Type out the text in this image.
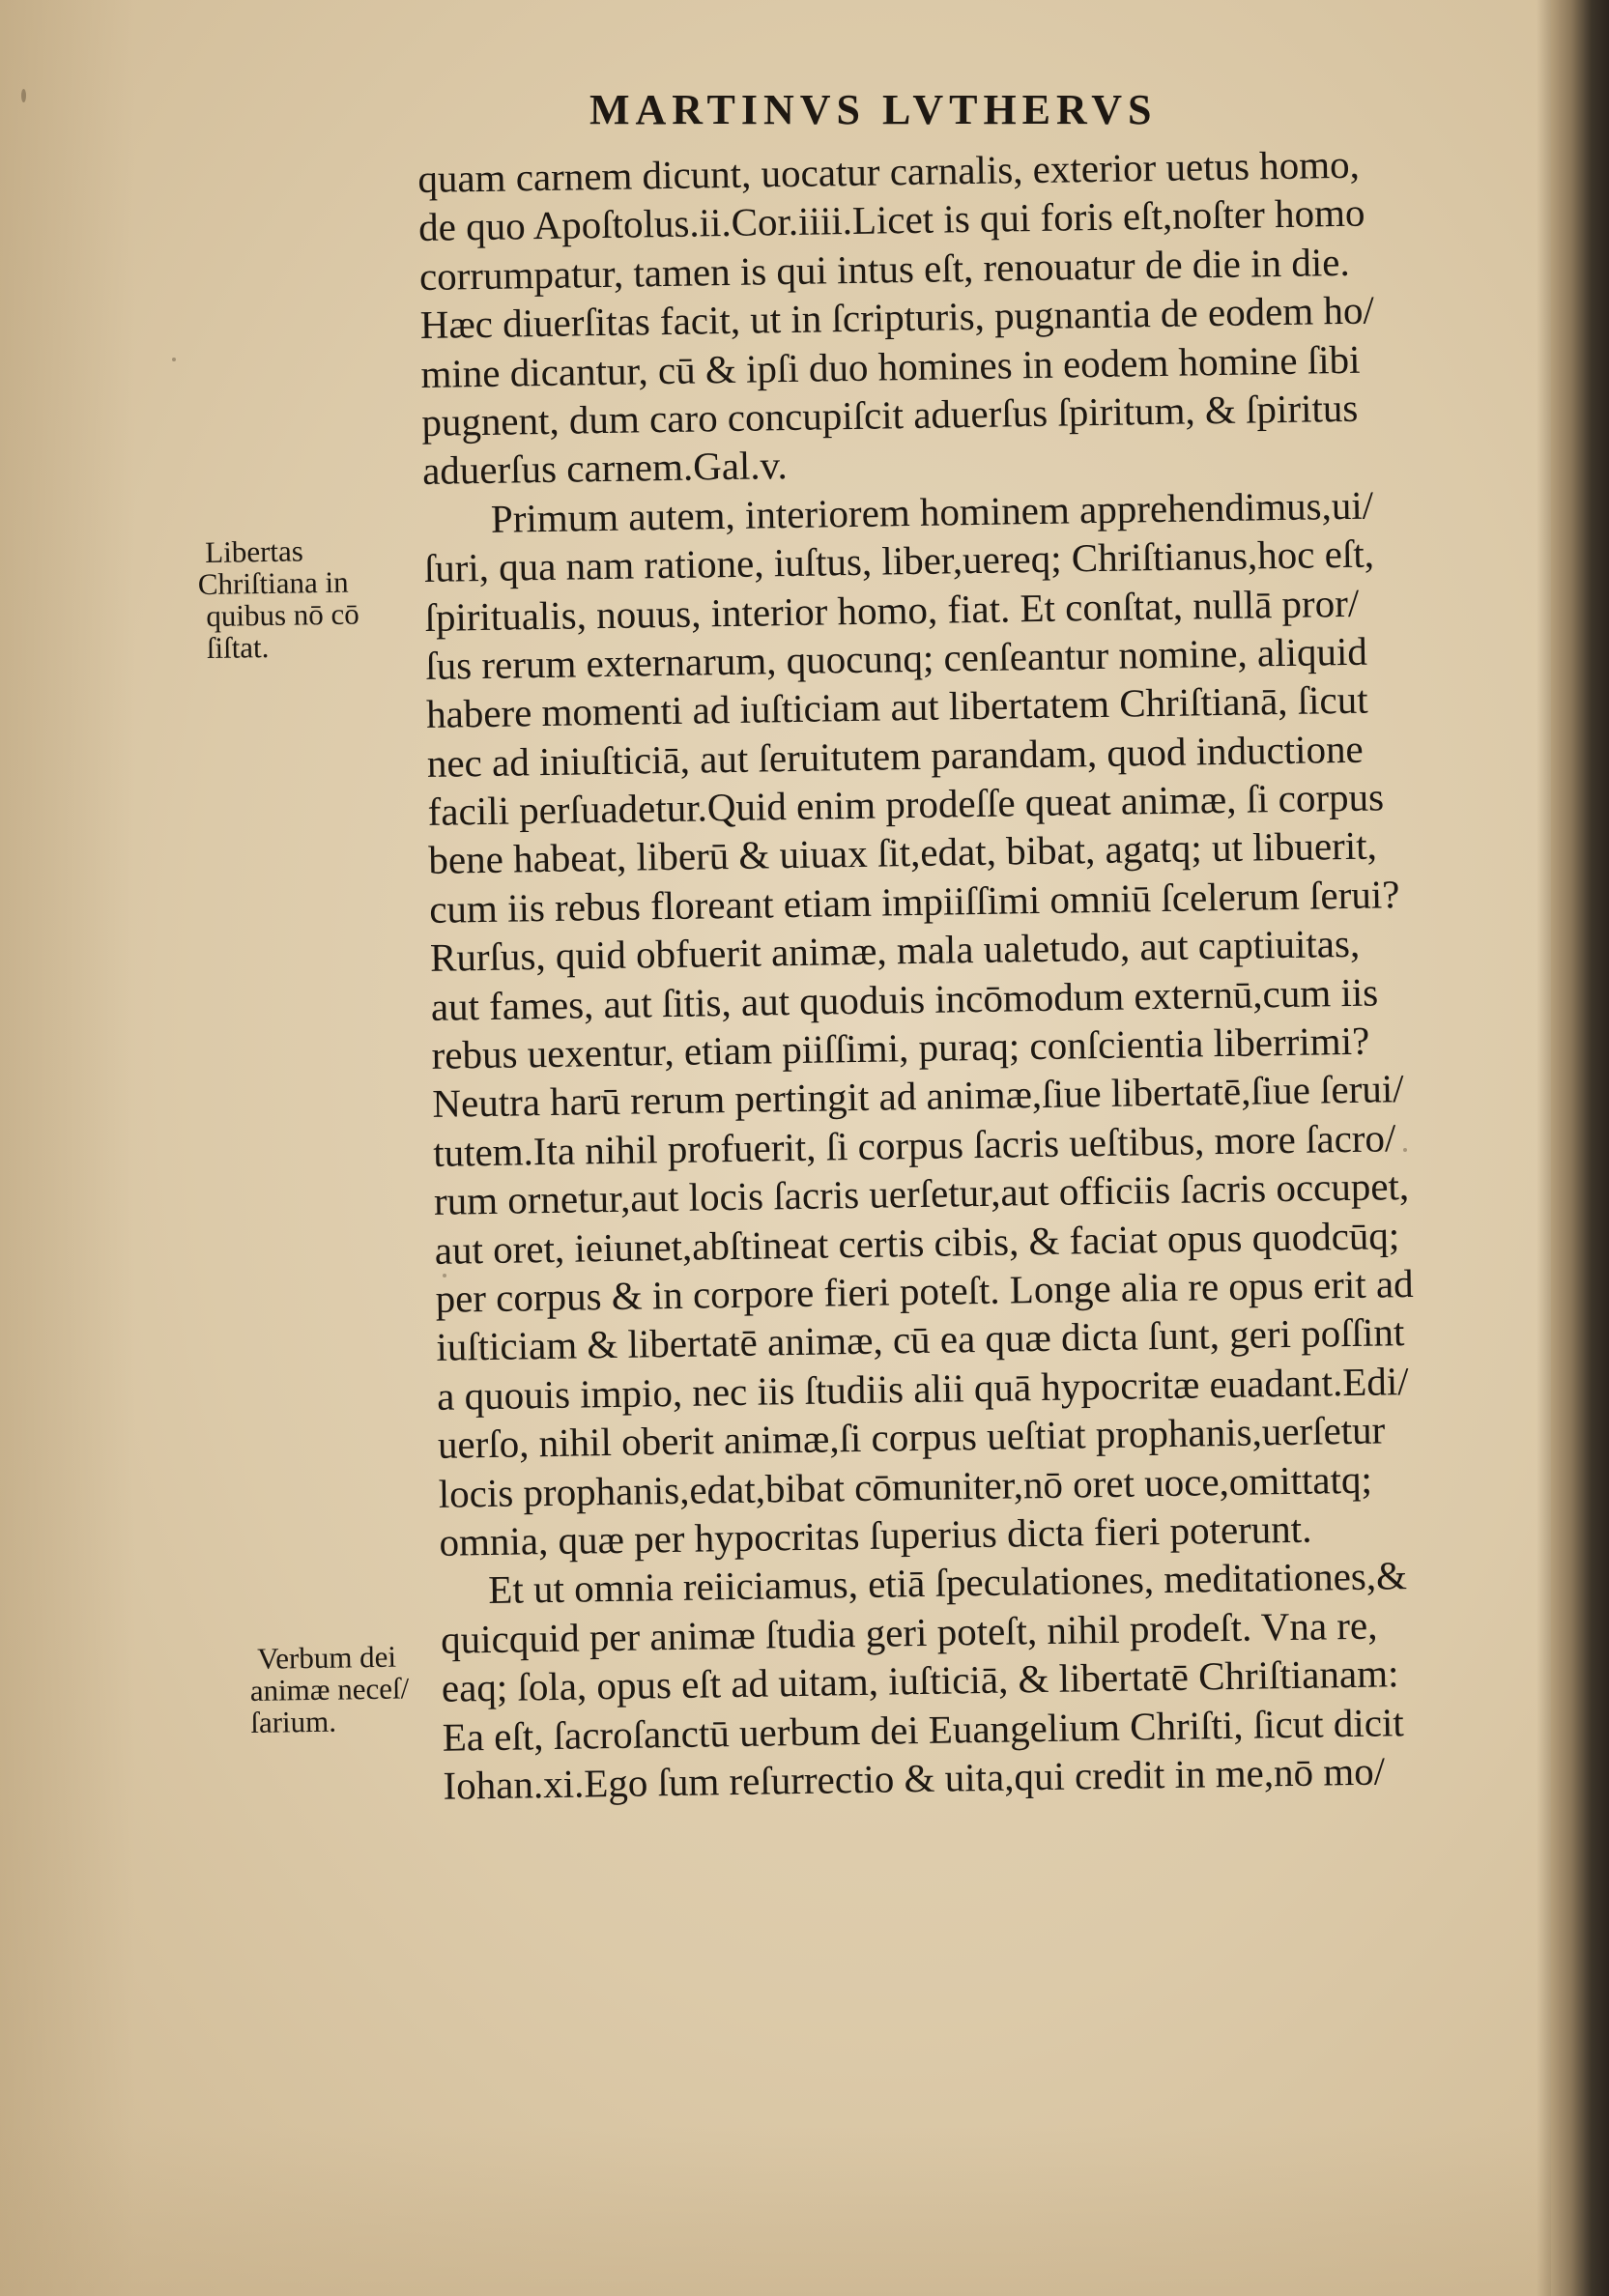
MARTINVS LVTHERVS
Libertas
Chriſtiana in
quibus nō cō
ſiſtat.
Verbum dei
animæ neceſ/
ſarium.
quam carnem dicunt, uocatur carnalis, exterior uetus homo,
de quo Apoſtolus.ii.Cor.iiii.Licet is qui foris eſt,noſter homo
corrumpatur, tamen is qui intus eſt, renouatur de die in die.
Hæc diuerſitas facit, ut in ſcripturis, pugnantia de eodem ho/
mine dicantur, cū & ipſi duo homines in eodem homine ſibi
pugnent, dum caro concupiſcit aduerſus ſpiritum, & ſpiritus
aduerſus carnem.Gal.v.
Primum autem, interiorem hominem apprehendimus,ui/
ſuri, qua nam ratione, iuſtus, liber,uereq; Chriſtianus,hoc eſt,
ſpiritualis, nouus, interior homo, fiat. Et conſtat, nullā pror/
ſus rerum externarum, quocunq; cenſeantur nomine, aliquid
habere momenti ad iuſticiam aut libertatem Chriſtianā, ſicut
nec ad iniuſticiā, aut ſeruitutem parandam, quod inductione
facili perſuadetur.Quid enim prodeſſe queat animæ, ſi corpus
bene habeat, liberū & uiuax ſit,edat, bibat, agatq; ut libuerit,
cum iis rebus floreant etiam impiiſſimi omniū ſcelerum ſerui?
Rurſus, quid obfuerit animæ, mala ualetudo, aut captiuitas,
aut fames, aut ſitis, aut quoduis incōmodum externū,cum iis
rebus uexentur, etiam piiſſimi, puraq; conſcientia liberrimi?
Neutra harū rerum pertingit ad animæ,ſiue libertatē,ſiue ſerui/
tutem.Ita nihil profuerit, ſi corpus ſacris ueſtibus, more ſacro/
rum ornetur,aut locis ſacris uerſetur,aut officiis ſacris occupet,
aut oret, ieiunet,abſtineat certis cibis, & faciat opus quodcūq;
per corpus & in corpore fieri poteſt. Longe alia re opus erit ad
iuſticiam & libertatē animæ, cū ea quæ dicta ſunt, geri poſſint
a quouis impio, nec iis ſtudiis alii quā hypocritæ euadant.Edi/
uerſo, nihil oberit animæ,ſi corpus ueſtiat prophanis,uerſetur
locis prophanis,edat,bibat cōmuniter,nō oret uoce,omittatq;
omnia, quæ per hypocritas ſuperius dicta fieri poterunt.
Et ut omnia reiiciamus, etiā ſpeculationes, meditationes,&
quicquid per animæ ſtudia geri poteſt, nihil prodeſt. Vna re,
eaq; ſola, opus eſt ad uitam, iuſticiā, & libertatē Chriſtianam:
Ea eſt, ſacroſanctū uerbum dei Euangelium Chriſti, ſicut dicit
Iohan.xi.Ego ſum reſurrectio & uita,qui credit in me,nō mo/
